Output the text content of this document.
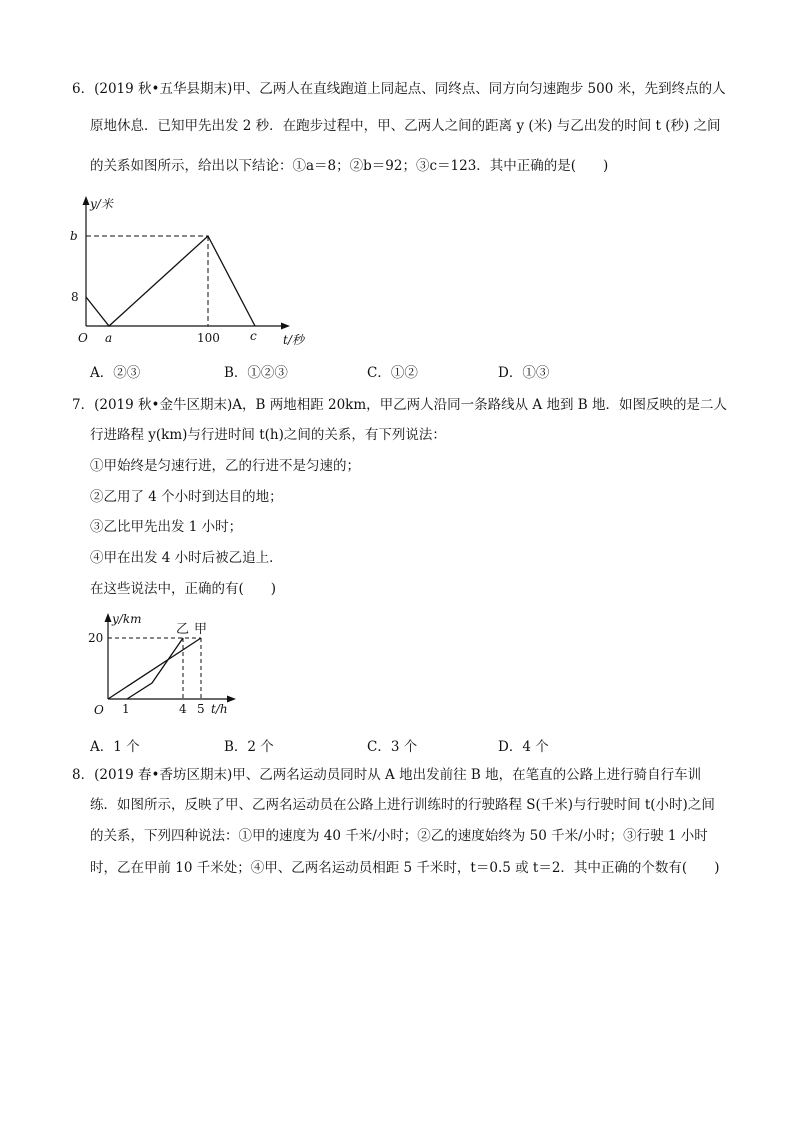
6．(2019 秋•五华县期末)甲、乙两人在直线跑道上同起点、同终点、同方向匀速跑步 500 米，先到终点的人
原地休息．已知甲先出发 2 秒．在跑步过程中，甲、乙两人之间的距离 y (米) 与乙出发的时间 t (秒) 之间
的关系如图所示，给出以下结论：①a＝8；②b＝92；③c＝123．其中正确的是(　　)
y/米
t/秒
O
b
8
a	100	c
A．②③	B．①②③	C．①②	D．①③
7．(2019 秋•金牛区期末)A，B 两地相距 20km，甲乙两人沿同一条路线从 A 地到 B 地．如图反映的是二人
行进路程 y(km)与行进时间 t(h)之间的关系，有下列说法：
①甲始终是匀速行进，乙的行进不是匀速的；
②乙用了 4 个小时到达目的地；
③乙比甲先出发 1 小时；
④甲在出发 4 小时后被乙追上．
在这些说法中，正确的有(　　)
y/km
t/h
O
20
1	4 5
乙 甲
A．1 个	B．2 个	C．3 个	D．4 个
8．(2019 春•香坊区期末)甲、乙两名运动员同时从 A 地出发前往 B 地，在笔直的公路上进行骑自行车训
练．如图所示，反映了甲、乙两名运动员在公路上进行训练时的行驶路程 S(千米)与行驶时间 t(小时)之间
的关系，下列四种说法：①甲的速度为 40 千米/小时；②乙的速度始终为 50 千米/小时；③行驶 1 小时
时，乙在甲前 10 千米处；④甲、乙两名运动员相距 5 千米时，t＝0.5 或 t＝2．其中正确的个数有(　　)
